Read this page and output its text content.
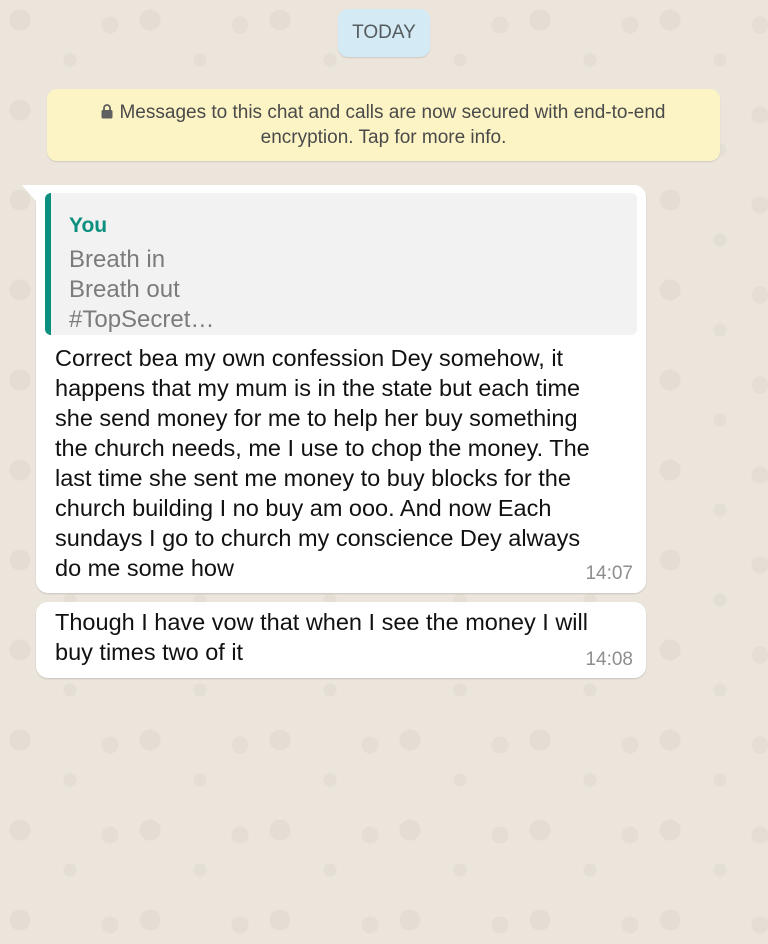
TODAY
Messages to this chat and calls are now secured with end-to-end encryption. Tap for more info.
You
Breath in
Breath out
#TopSecret…
Correct bea my own confession Dey somehow, it
happens that my mum is in the state but each time
she send money for me to help her buy something
the church needs, me I use to chop the money. The
last time she sent me money to buy blocks for the
church building I no buy am ooo. And now Each
sundays I go to church my conscience Dey always
do me some how	14:07
Though I have vow that when I see the money I will
buy times two of it	14:08
